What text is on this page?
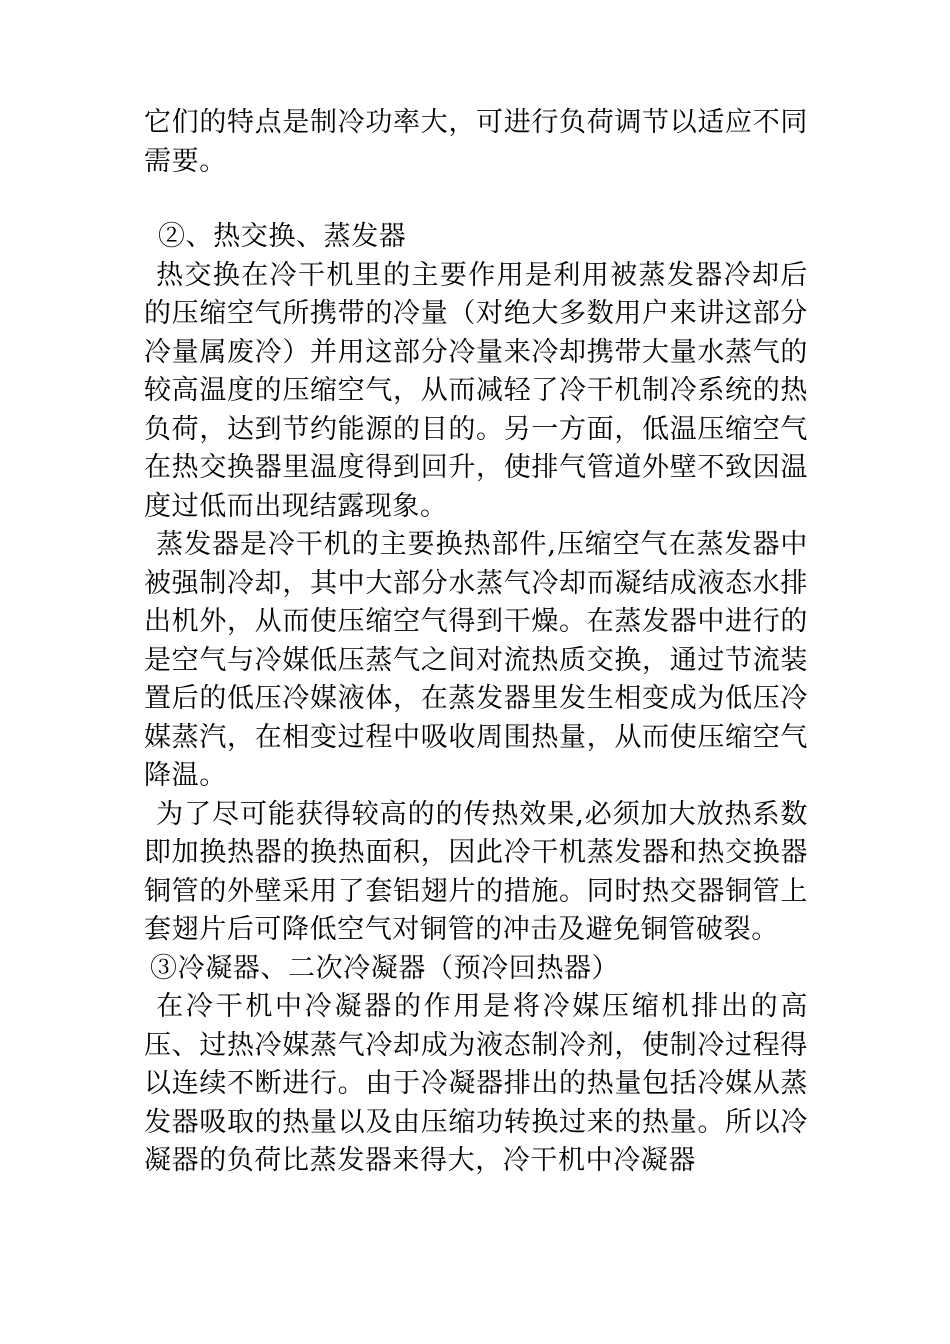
它们的特点是制冷功率大，可进行负荷调节以适应不同需要。

②、热交换、蒸发器

热交换在冷干机里的主要作用是利用被蒸发器冷却后的压缩空气所携带的冷量（对绝大多数用户来讲这部分冷量属废冷）并用这部分冷量来冷却携带大量水蒸气的较高温度的压缩空气，从而减轻了冷干机制冷系统的热负荷，达到节约能源的目的。另一方面，低温压缩空气在热交换器里温度得到回升，使排气管道外壁不致因温度过低而出现结露现象。

蒸发器是冷干机的主要换热部件,压缩空气在蒸发器中被强制冷却，其中大部分水蒸气冷却而凝结成液态水排出机外，从而使压缩空气得到干燥。在蒸发器中进行的是空气与冷媒低压蒸气之间对流热质交换，通过节流装置后的低压冷媒液体，在蒸发器里发生相变成为低压冷媒蒸汽，在相变过程中吸收周围热量，从而使压缩空气降温。

为了尽可能获得较高的的传热效果,必须加大放热系数即加换热器的换热面积，因此冷干机蒸发器和热交换器铜管的外壁采用了套铝翅片的措施。同时热交器铜管上套翅片后可降低空气对铜管的冲击及避免铜管破裂。

③冷凝器、二次冷凝器（预冷回热器）

在冷干机中冷凝器的作用是将冷媒压缩机排出的高压、过热冷媒蒸气冷却成为液态制冷剂，使制冷过程得以连续不断进行。由于冷凝器排出的热量包括冷媒从蒸发器吸取的热量以及由压缩功转换过来的热量。所以冷凝器的负荷比蒸发器来得大，冷干机中冷凝器
